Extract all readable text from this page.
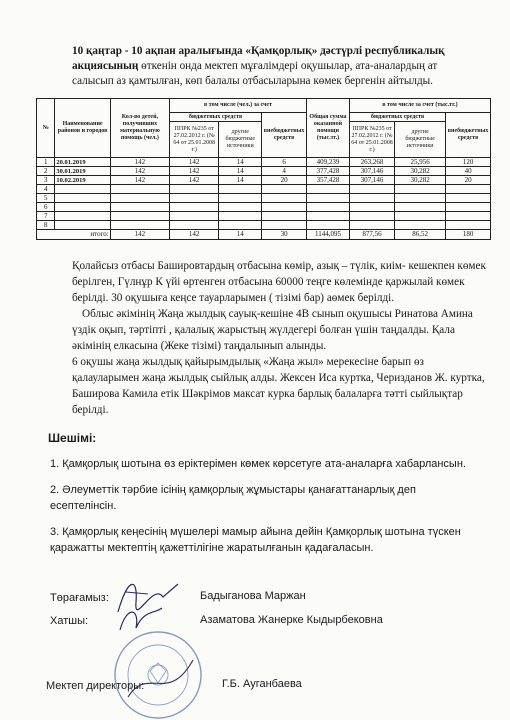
10 қаңтар - 10 ақпан аралығында «Қамқорлық» дәстүрлі республикалық акциясының өткенін онда мектеп мұғалімдері оқушылар, ата-аналардың ат салысып аз қамтылған, көп балалы отбасыларына көмек бергенін айтылды.
№	Наименование районов и городов	Кол-во детей, получивших материальную помощь (чел.)	в том числе (чел.) за счет			Общая сумма оказанной помощи (тыс.тг.)	в том числе за счет (тыс.тг.)		
			бюджетных средств		внебюджетных средств		бюджетных средств		внебюджетных средств
			ППРК №235 от 27.02.2012 г. (№ 64 от 25.01.2008 г.)	другие бюджетные источники			ППРК №235 от 27.02.2012 г. (№ 64 от 25.01.2008 г.)	другие бюджетные источники	
1	20.01.2019	142	142	14	6	409,239	263,268	25,956	120
2	30.01.2019	142	142	14	4	377,428	307,146	30,282	40
3	10.02.2019	142	142	14	20	357,428	307,146	30,282	20
4									
5									
6									
7									
8									
итого:		142	142	14	30	1144,095	877,56	86,52	180

Қолайсыз отбасы Башировтардың отбасына көмір, азық – түлік, киім- кешекпен көмек берілген, Гүлнұр К үйі өртенген отбасына 60000 теңге көлемінде қаржылай көмек берілді. 30 оқушыға кеңсе тауарларымен ( тізімі бар) аөмек берілді.

Облыс әкімінің Жаңа жылдық сауық-кешіне 4В сынып оқушысы Ринатова Амина үздік оқып, тәртіпті , қалалық жарыстың жүлдегері болған үшін таңдалды. Қала әкімінің елкасына (Жеке тізімі) таңдалынып алынды.

6 оқушы жаңа жылдық қайырымдылық «Жаңа жыл» мерекесіне барып өз қалауларымен жаңа жылдық сыйлық алды. Жексен Иса куртка, Черизданов Ж. куртка, Баширова Камила етік Шәкрімов максат куркa барлық балаларға тәтті сыйлықтар берілді.

Шешімі:
1. Қамқорлық шотына өз еріктерімен көмек көрсетуге ата-аналарға хабарлансын.
2. Әлеуметтік тәрбие ісінің қамқорлық жұмыстары қанағаттанарлық деп есептелінсін.
3. Қамқорлық кеңесінің мүшелері мамыр айына дейін Қамқорлық шотына түскен қаражатты мектептің қажеттілігіне жаратылғанын қадағаласын.
Төрағамыз:	Бадыганова Маржан
Хатшы:	Азаматова Жанерке Кыдырбековна
Мектеп директоры:	Г.Б. Ауганбаева
